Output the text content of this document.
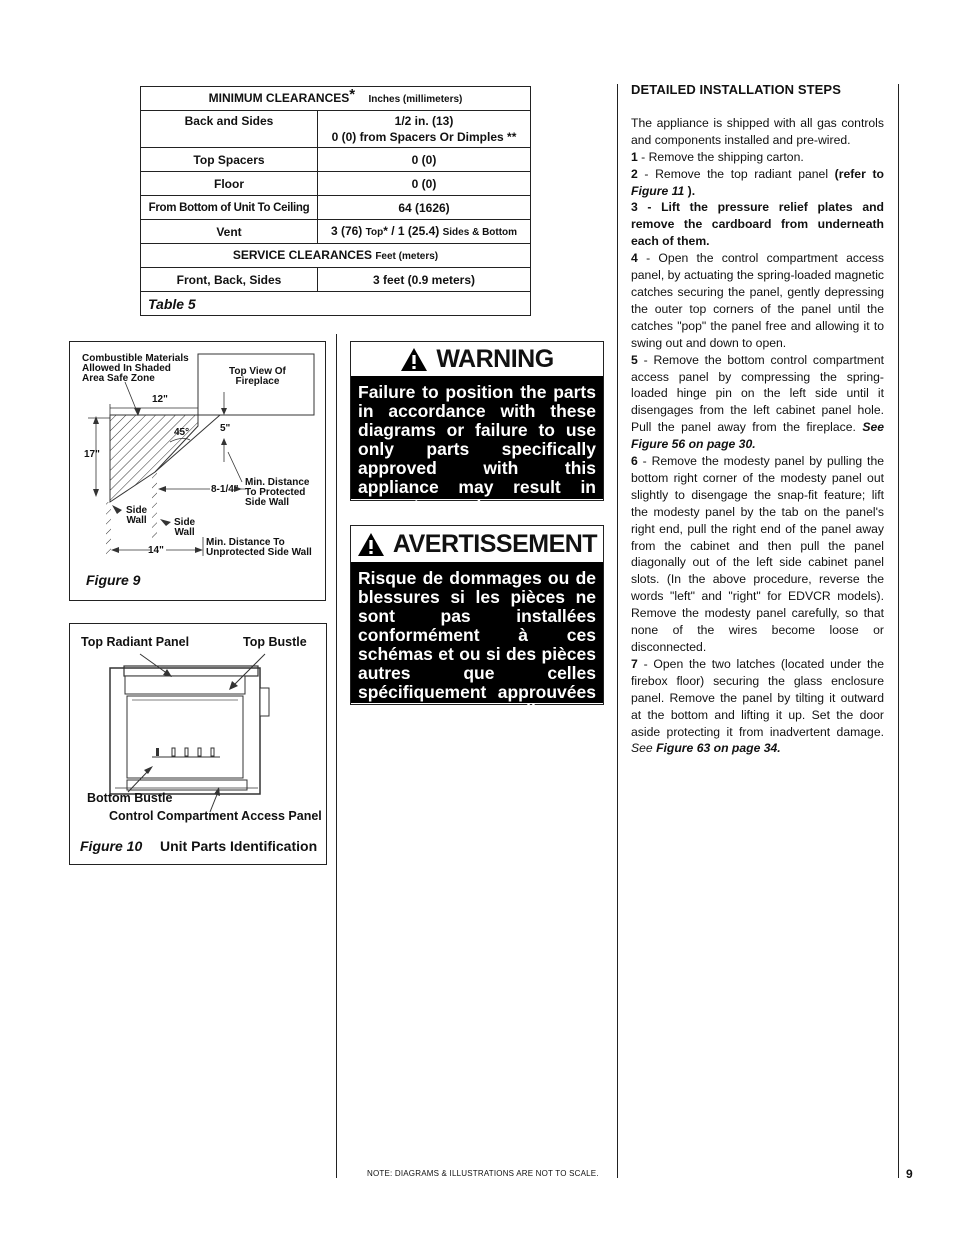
MINIMUM CLEARANCES* Inches (millimeters)	
Back and Sides	1/2 in. (13)
0 (0) from Spacers Or Dimples **

Top Spacers	0 (0)
Floor	0 (0)
From Bottom of Unit To Ceiling	64 (1626)
Vent	3 (76) Top* / 1 (25.4) Sides & Bottom
SERVICE CLEARANCES Feet (meters)	
Front, Back, Sides	3 feet (0.9 meters)
Table 5	
Combustible Materials
Allowed In Shaded
Area Safe Zone
Top View Of
Fireplace
12"
45°	5"
17"
8-1/4"
Min. Distance
To Protected
Side Wall
Side
Wall	Side
Wall
14"
Min. Distance To
Unprotected Side Wall
Figure 9
Top Radiant Panel	Top Bustle
Bottom Bustle
Control Compartment Access Panel
Figure 10 Unit Parts Identification
WARNING
Failure to position the parts in accordance with these diagrams or failure to use only parts specifically approved with this appliance may result in property damage or
AVERTISSEMENT
Risque de dommages ou de blessures si les pièces ne sont pas installées conformément à ces schémas et ou si des pièces autres que celles spécifiquement approuvées avec cet appareil sont utilisées.
DETAILED INSTALLATION STEPS

The appliance is shipped with all gas controls and components installed and pre-wired.

1 - Remove the shipping carton.

2 - Remove the top radiant panel (refer to Figure 11 ).

3 - Lift the pressure relief plates and remove the cardboard from underneath each of them.

4 - Open the control compartment access panel, by actuating the spring-loaded magnetic catches securing the panel, gently depressing the outer top corners of the panel until the catches "pop" the panel free and allowing it to swing out and down to open.

5 - Remove the bottom control compartment access panel by compressing the spring-loaded hinge pin on the left side until it disengages from the left cabinet panel hole. Pull the panel away from the fireplace. See Figure 56 on page 30.

6 - Remove the modesty panel by pulling the bottom right corner of the modesty panel out slightly to disengage the snap-fit feature; lift the modesty panel by the tab on the panel's right end, pull the right end of the panel away from the cabinet and then pull the panel diagonally out of the left side cabinet panel slots. (In the above procedure, reverse the words "left" and "right" for EDVCR models). Remove the modesty panel carefully, so that none of the wires become loose or disconnected.

7 - Open the two latches (located under the firebox floor) securing the glass enclosure panel. Remove the panel by tilting it outward at the bottom and lifting it up. Set the door aside protecting it from inadvertent damage. See Figure 63 on page 34.

NOTE: DIAGRAMS & ILLUSTRATIONS ARE NOT TO SCALE.	9
